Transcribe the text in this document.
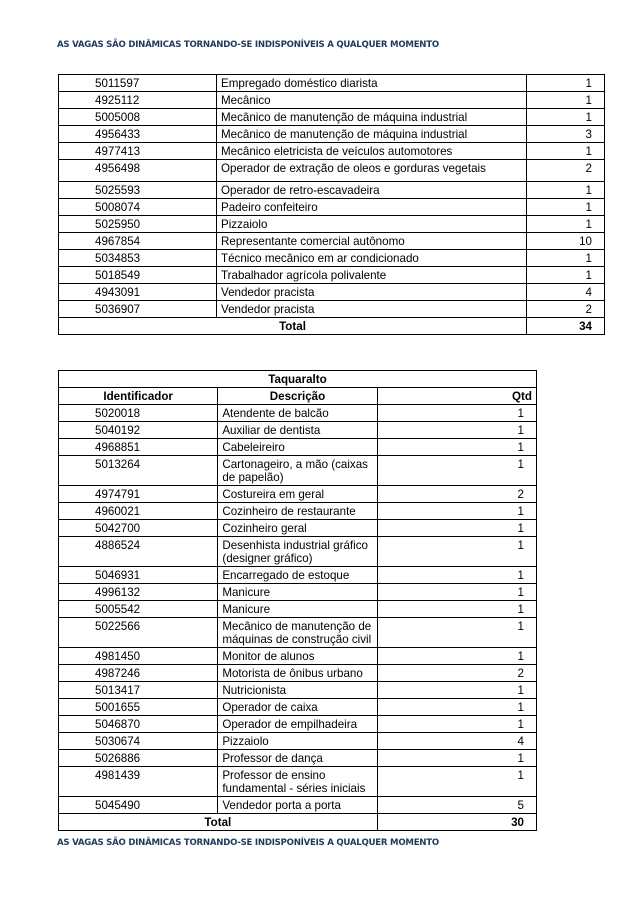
AS VAGAS SÃO DINÂMICAS TORNANDO-SE INDISPONÍVEIS A QUALQUER MOMENTO
5011597	Empregado doméstico diarista	1
4925112	Mecânico	1
5005008	Mecânico de manutenção de máquina industrial	1
4956433	Mecânico de manutenção de máquina industrial	3
4977413	Mecânico eletricista de veículos automotores	1
4956498	Operador de extração de oleos e gorduras vegetais	2
5025593	Operador de retro-escavadeira	1
5008074	Padeiro confeiteiro	1
5025950	Pizzaiolo	1
4967854	Representante comercial autônomo	10
5034853	Técnico mecânico em ar condicionado	1
5018549	Trabalhador agrícola polivalente	1
4943091	Vendedor pracista	4
5036907	Vendedor pracista	2
Total		34
Taquaralto		
Identificador	Descrição	Qtd
5020018	Atendente de balcão	1
5040192	Auxiliar de dentista	1
4968851	Cabeleireiro	1
5013264	Cartonageiro, a mão (caixas de papelão)	1
4974791	Costureira em geral	2
4960021	Cozinheiro de restaurante	1
5042700	Cozinheiro geral	1
4886524	Desenhista industrial gráfico (designer gráfico)	1
5046931	Encarregado de estoque	1
4996132	Manicure	1
5005542	Manicure	1
5022566	Mecânico de manutenção de máquinas de construção civil	1
4981450	Monitor de alunos	1
4987246	Motorista de ônibus urbano	2
5013417	Nutricionista	1
5001655	Operador de caixa	1
5046870	Operador de empilhadeira	1
5030674	Pizzaiolo	4
5026886	Professor de dança	1
4981439	Professor de ensino fundamental - séries iniciais	1
5045490	Vendedor porta a porta	5
Total		30
AS VAGAS SÃO DINÂMICAS TORNANDO-SE INDISPONÍVEIS A QUALQUER MOMENTO
